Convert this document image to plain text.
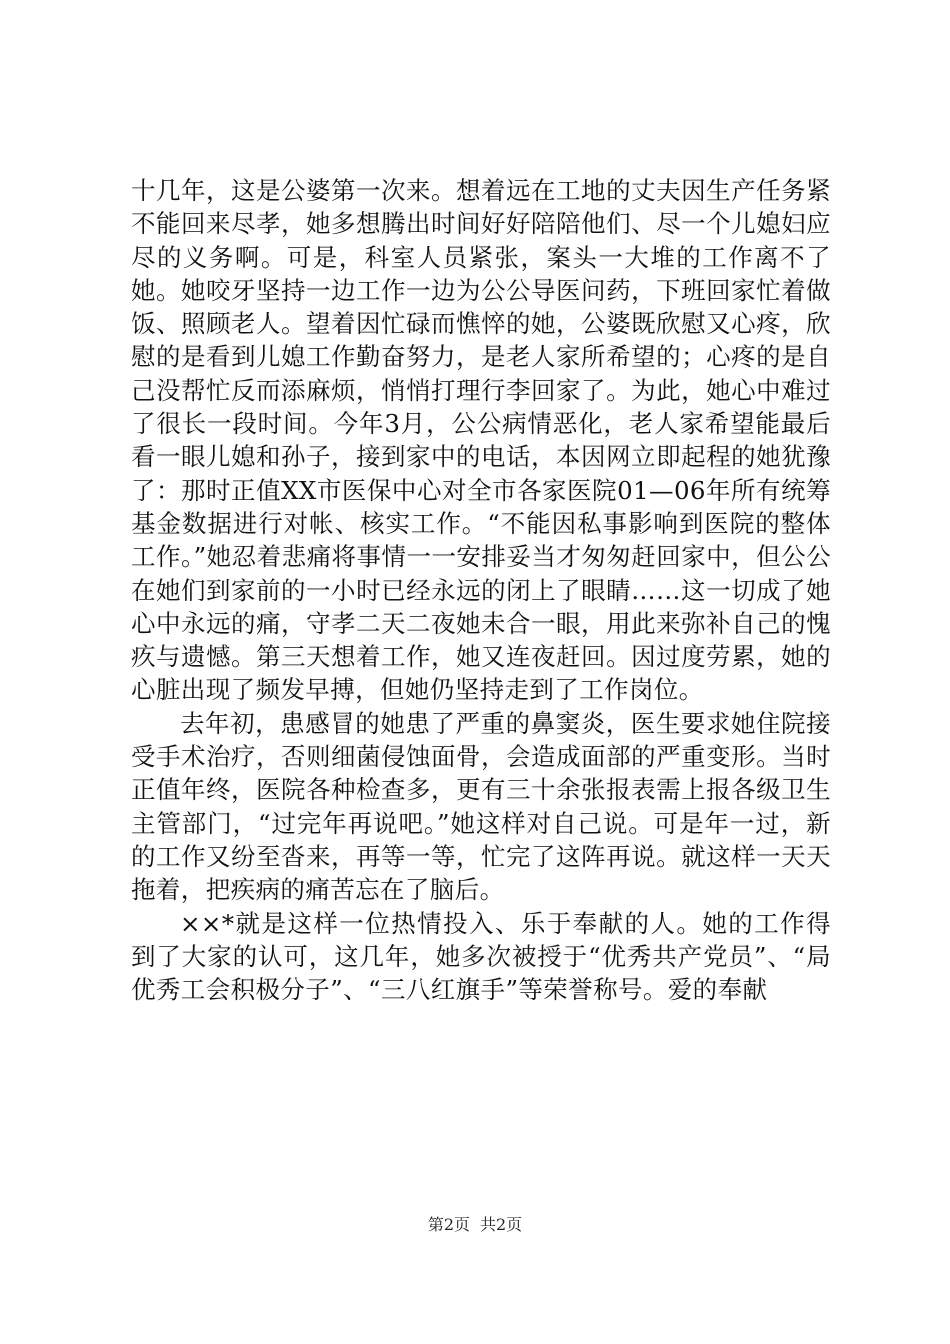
十几年，这是公婆第一次来。想着远在工地的丈夫因生产任务紧不能回来尽孝，她多想腾出时间好好陪陪他们、尽一个儿媳妇应尽的义务啊。可是，科室人员紧张，案头一大堆的工作离不了她。她咬牙坚持一边工作一边为公公导医问药，下班回家忙着做饭、照顾老人。望着因忙碌而憔悴的她，公婆既欣慰又心疼，欣慰的是看到儿媳工作勤奋努力，是老人家所希望的；心疼的是自己没帮忙反而添麻烦，悄悄打理行李回家了。为此，她心中难过了很长一段时间。今年3月，公公病情恶化，老人家希望能最后看一眼儿媳和孙子，接到家中的电话，本因网立即起程的她犹豫了：那时正值XX市医保中心对全市各家医院01—06年所有统筹基金数据进行对帐、核实工作。“不能因私事影响到医院的整体工作。”她忍着悲痛将事情一一安排妥当才匆匆赶回家中，但公公在她们到家前的一小时已经永远的闭上了眼睛……这一切成了她心中永远的痛，守孝二天二夜她未合一眼，用此来弥补自己的愧疚与遗憾。第三天想着工作，她又连夜赶回。因过度劳累，她的心脏出现了频发早搏，但她仍坚持走到了工作岗位。

去年初，患感冒的她患了严重的鼻窦炎，医生要求她住院接受手术治疗，否则细菌侵蚀面骨，会造成面部的严重变形。当时正值年终，医院各种检查多，更有三十余张报表需上报各级卫生主管部门，“过完年再说吧。”她这样对自己说。可是年一过，新的工作又纷至沓来，再等一等，忙完了这阵再说。就这样一天天拖着，把疾病的痛苦忘在了脑后。

××*就是这样一位热情投入、乐于奉献的人。她的工作得到了大家的认可，这几年，她多次被授于“优秀共产党员”、“局优秀工会积极分子”、“三八红旗手”等荣誉称号。爱的奉献

第2页 共2页
